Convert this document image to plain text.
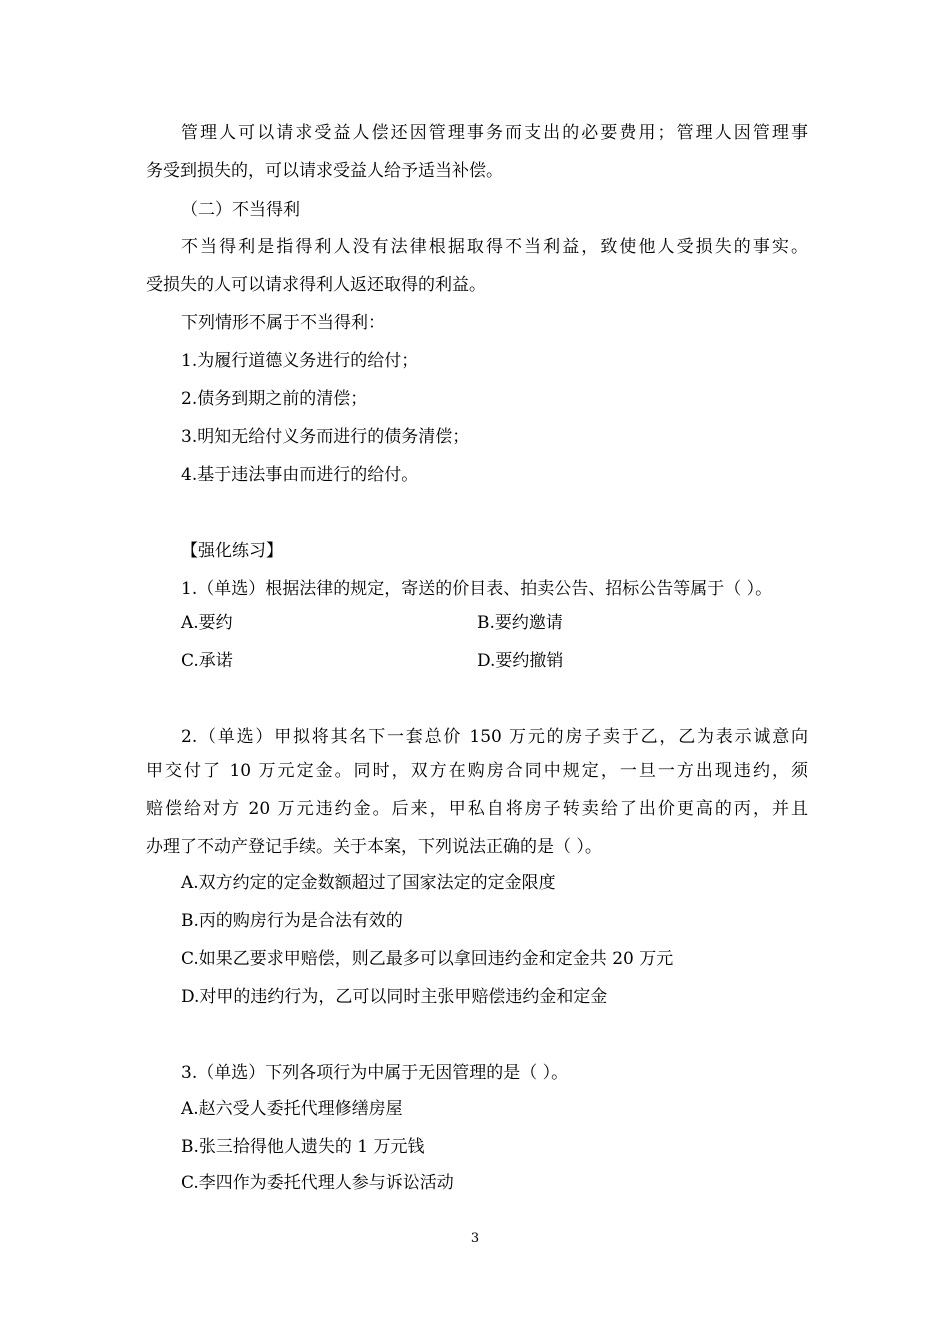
管理人可以请求受益人偿还因管理事务而支出的必要费用；管理人因管理事
务受到损失的，可以请求受益人给予适当补偿。
（二）不当得利
不当得利是指得利人没有法律根据取得不当利益，致使他人受损失的事实。
受损失的人可以请求得利人返还取得的利益。
下列情形不属于不当得利：
1.为履行道德义务进行的给付；
2.债务到期之前的清偿；
3.明知无给付义务而进行的债务清偿；
4.基于违法事由而进行的给付。
【强化练习】
1.（单选）根据法律的规定，寄送的价目表、拍卖公告、招标公告等属于（ ）。
A.要约	B.要约邀请
C.承诺	D.要约撤销
2.（单选）甲拟将其名下一套总价 150 万元的房子卖于乙，乙为表示诚意向
甲交付了 10 万元定金。同时，双方在购房合同中规定，一旦一方出现违约，须
赔偿给对方 20 万元违约金。后来，甲私自将房子转卖给了出价更高的丙，并且
办理了不动产登记手续。关于本案，下列说法正确的是（ ）。
A.双方约定的定金数额超过了国家法定的定金限度
B.丙的购房行为是合法有效的
C.如果乙要求甲赔偿，则乙最多可以拿回违约金和定金共 20 万元
D.对甲的违约行为，乙可以同时主张甲赔偿违约金和定金
3.（单选）下列各项行为中属于无因管理的是（ ）。
A.赵六受人委托代理修缮房屋
B.张三拾得他人遗失的 1 万元钱
C.李四作为委托代理人参与诉讼活动
3
